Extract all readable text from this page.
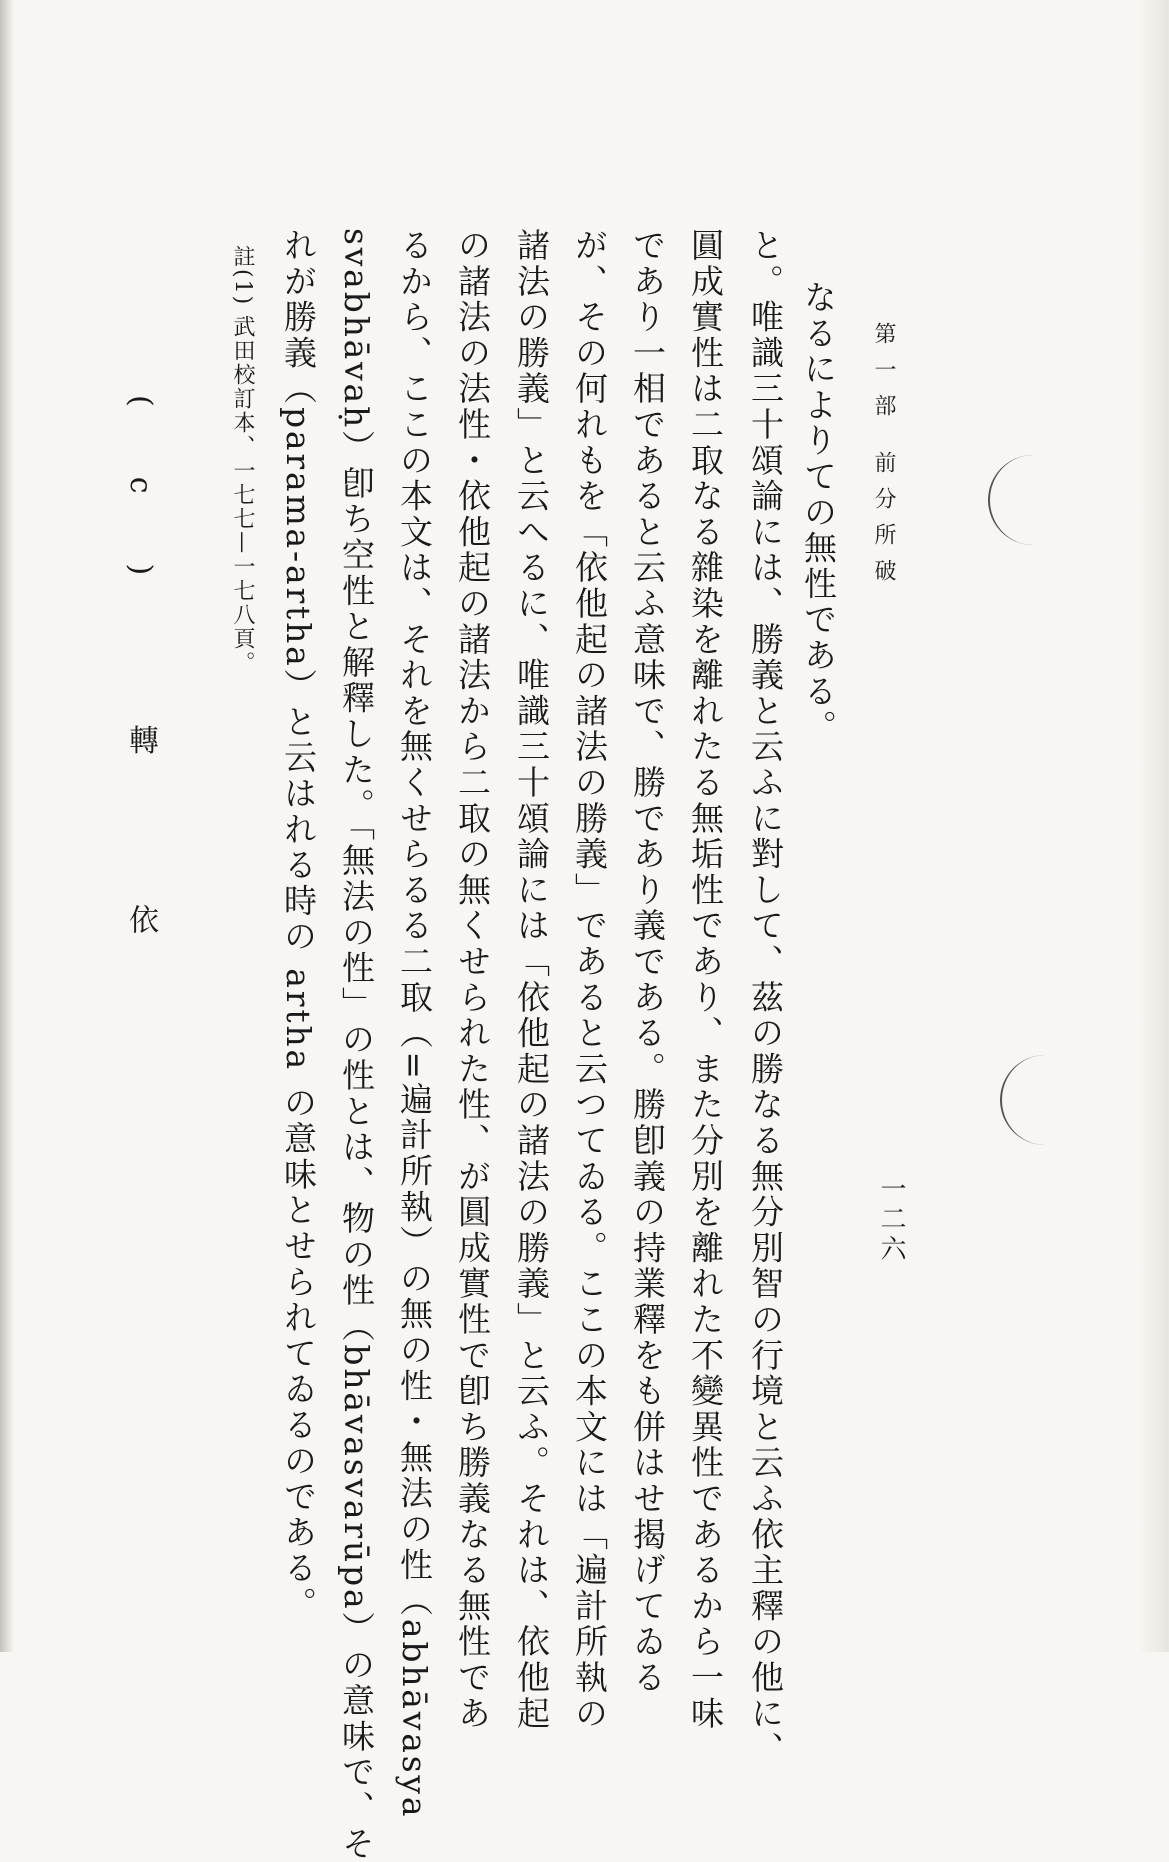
第一部 前分所破
一二六
なるによりての無性である。
と。唯識三十頌論には、勝義と云ふに對して、茲の勝なる無分別智の行境と云ふ依主釋の他に、
圓成實性は二取なる雜染を離れたる無垢性であり、また分別を離れた不變異性であるから一味
であり一相であると云ふ意味で、勝であり義である。勝卽義の持業釋をも併はせ揭げてゐる
が、その何れもを「依他起の諸法の勝義」であると云つてゐる。ここの本文には「遍計所執の
諸法の勝義」と云へるに、唯識三十頌論には「依他起の諸法の勝義」と云ふ。それは、依他起
の諸法の法性・依他起の諸法から二取の無くせられた性、が圓成實性で卽ち勝義なる無性であ
るから、ここの本文は、それを無くせらるる二取（=遍計所執）の無の性・無法の性（abhāvasya
svabhāvaḥ）卽ち空性と解釋した。「無法の性」の性とは、物の性（bhāvasvarūpa）の意味で、そ
れが勝義（parama-artha）と云はれる時の artha の意味とせられてゐるのである。
註(1) 武田校訂本、一七七—一七八頁。
(c) 轉 依
